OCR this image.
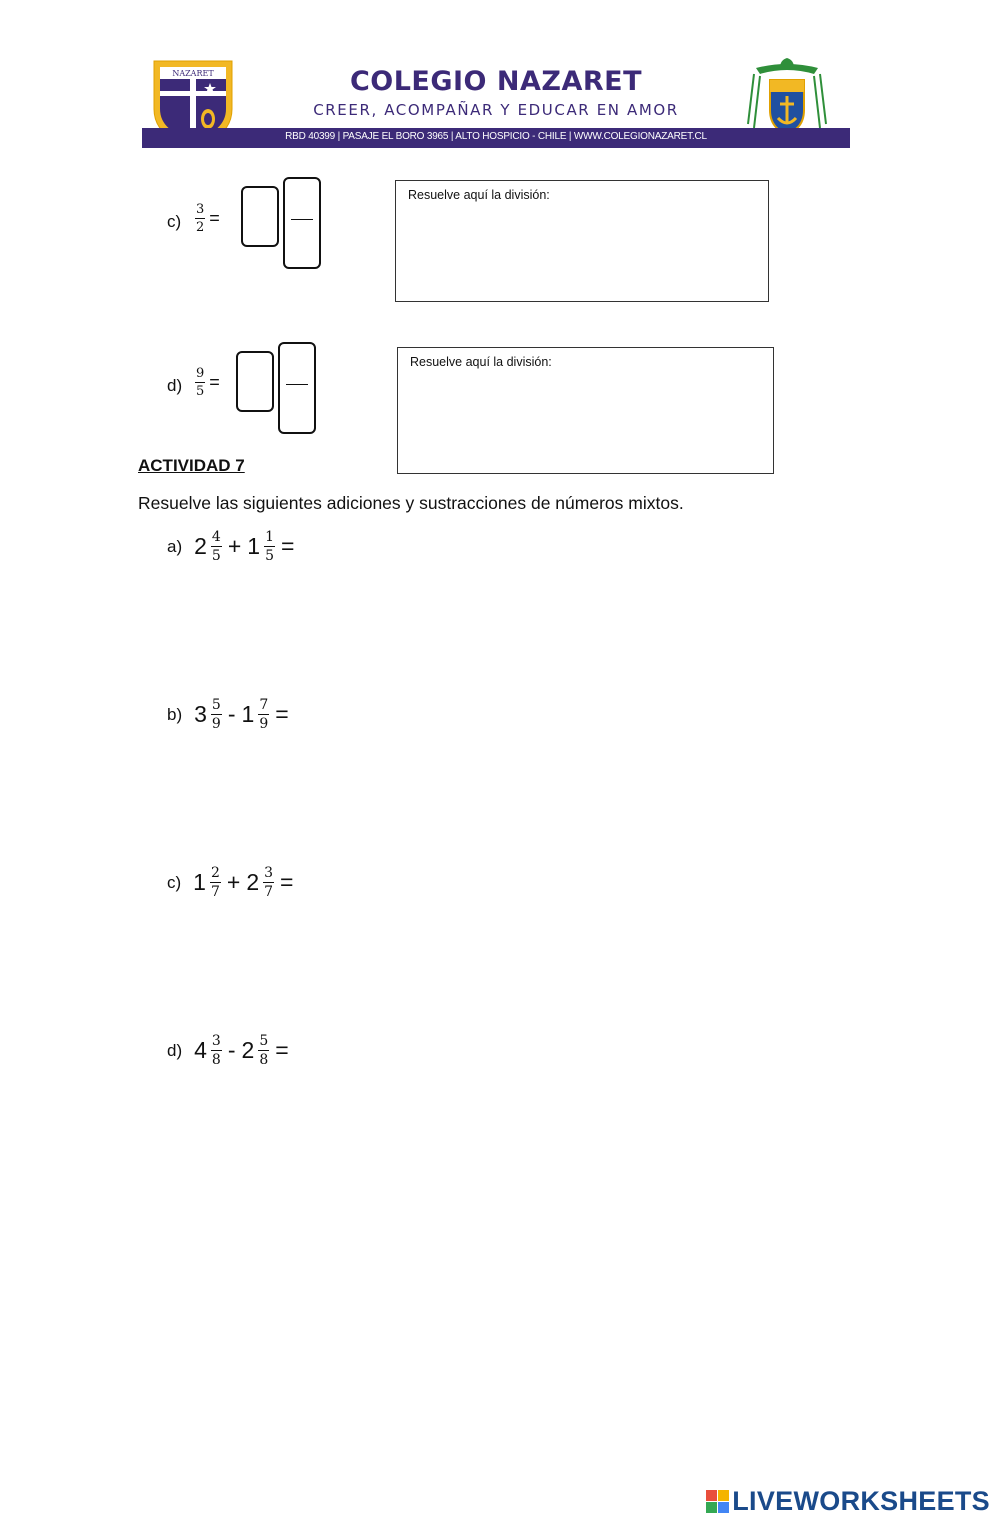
NAZARET	COLEGIO NAZARET
CREER, ACOMPAÑAR Y EDUCAR EN AMOR
RBD 40399 | PASAJE EL BORO 3965 | ALTO HOSPICIO - CHILE | WWW.COLEGIONAZARET.CL
$c) \frac{3}{2}$ =
Resuelve aquí la división:
$d) \frac{9}{5}$ =
Resuelve aquí la división:
ACTIVIDAD 7
Resuelve las siguientes adiciones y sustracciones de números mixtos.
a) $2 \frac{4}{5} + 1 \frac{1}{5}$ =
b) $3 \frac{5}{9} - 1 \frac{7}{9}$ =
c) $1 \frac{2}{7} + 2 \frac{3}{7}$ =
d) $4 \frac{3}{8} - 2 \frac{5}{8}$ =
LIVEWORKSHEETS
